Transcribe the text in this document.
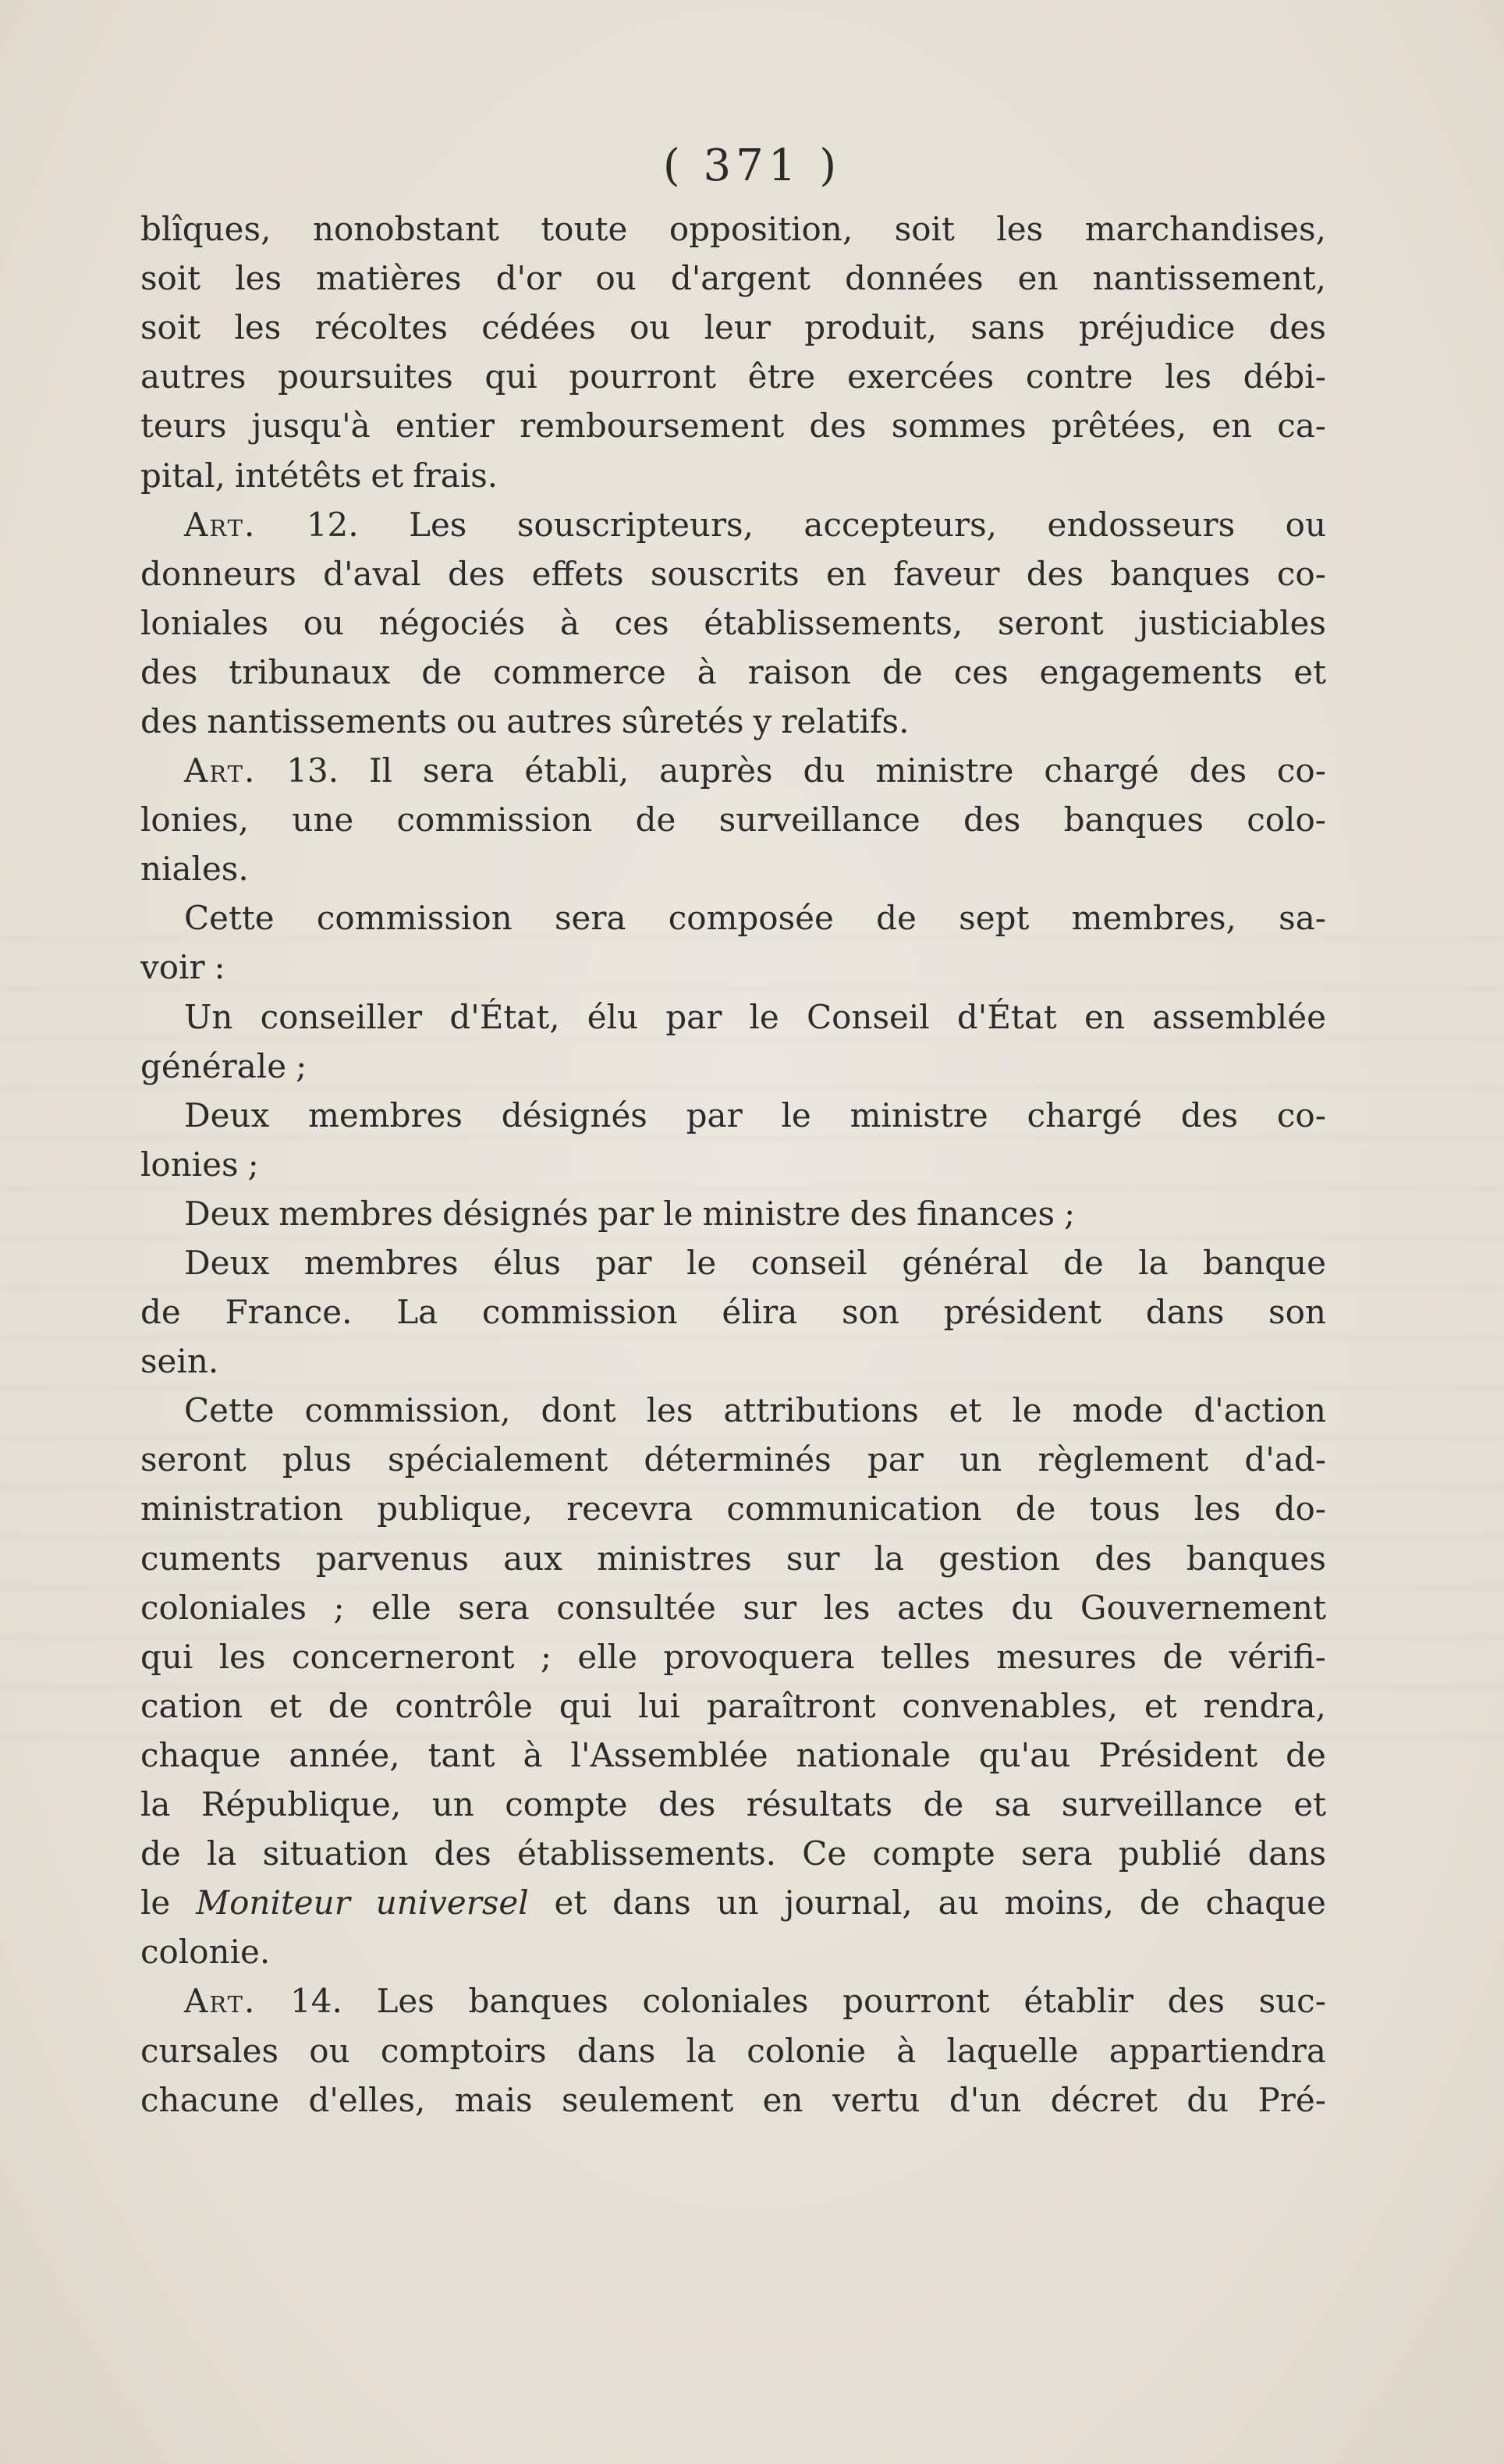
( 371 )
blîques, nonobstant toute opposition, soit les marchandises,
soit les matières d'or ou d'argent données en nantissement,
soit les récoltes cédées ou leur produit, sans préjudice des
autres poursuites qui pourront être exercées contre les débi-
teurs jusqu'à entier remboursement des sommes prêtées, en ca-
pital, intétêts et frais.
Art. 12. Les souscripteurs, accepteurs, endosseurs ou
donneurs d'aval des effets souscrits en faveur des banques co-
loniales ou négociés à ces établissements, seront justiciables
des tribunaux de commerce à raison de ces engagements et
des nantissements ou autres sûretés y relatifs.
Art. 13. Il sera établi, auprès du ministre chargé des co-
lonies, une commission de surveillance des banques colo-
niales.
Cette commission sera composée de sept membres, sa-
voir :
Un conseiller d'État, élu par le Conseil d'État en assemblée
générale ;
Deux membres désignés par le ministre chargé des co-
lonies ;
Deux membres désignés par le ministre des finances ;
Deux membres élus par le conseil général de la banque
de France. La commission élira son président dans son
sein.
Cette commission, dont les attributions et le mode d'action
seront plus spécialement déterminés par un règlement d'ad-
ministration publique, recevra communication de tous les do-
cuments parvenus aux ministres sur la gestion des banques
coloniales ; elle sera consultée sur les actes du Gouvernement
qui les concerneront ; elle provoquera telles mesures de vérifi-
cation et de contrôle qui lui paraîtront convenables, et rendra,
chaque année, tant à l'Assemblée nationale qu'au Président de
la République, un compte des résultats de sa surveillance et
de la situation des établissements. Ce compte sera publié dans
le Moniteur universel et dans un journal, au moins, de chaque
colonie.
Art. 14. Les banques coloniales pourront établir des suc-
cursales ou comptoirs dans la colonie à laquelle appartiendra
chacune d'elles, mais seulement en vertu d'un décret du Pré-
